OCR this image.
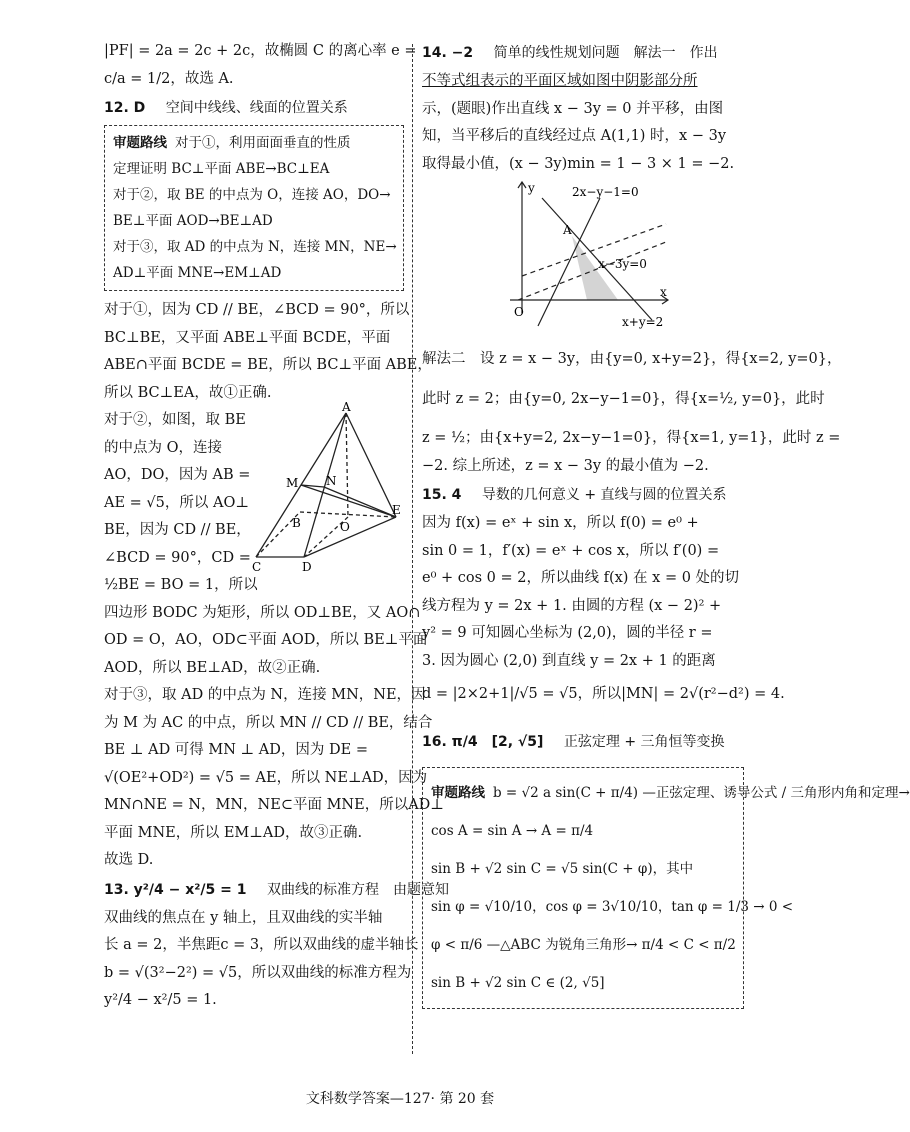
|PF| = 2a = 2c + 2c，故椭圆 C 的离心率 e =
c/a = 1/2，故选 A.
12. D 空间中线线、线面的位置关系
审题路线 对于①，利用面面垂直的性质
定理证明 BC⊥平面 ABE→BC⊥EA
对于②，取 BE 的中点为 O，连接 AO，DO→
BE⊥平面 AOD→BE⊥AD
对于③，取 AD 的中点为 N，连接 MN，NE→
AD⊥平面 MNE→EM⊥AD
对于①，因为 CD // BE，∠BCD = 90°，所以
BC⊥BE，又平面 ABE⊥平面 BCDE，平面
ABE∩平面 BCDE = BE，所以 BC⊥平面 ABE，
所以 BC⊥EA，故①正确.
对于②，如图，取 BE
的中点为 O，连接
AO，DO，因为 AB =
AE = √5，所以 AO⊥
BE，因为 CD // BE，
∠BCD = 90°，CD =
½BE = BO = 1，所以
A
M N
B	O
E
C	D
四边形 BODC 为矩形，所以 OD⊥BE，又 AO∩
OD = O，AO，OD⊂平面 AOD，所以 BE⊥平面
AOD，所以 BE⊥AD，故②正确.
对于③，取 AD 的中点为 N，连接 MN，NE，因
为 M 为 AC 的中点，所以 MN // CD // BE，结合
BE ⊥ AD 可得 MN ⊥ AD，因为 DE =
√(OE²+OD²) = √5 = AE，所以 NE⊥AD，因为
MN∩NE = N，MN，NE⊂平面 MNE，所以AD⊥
平面 MNE，所以 EM⊥AD，故③正确.
故选 D.
13. y²/4 − x²/5 = 1 双曲线的标准方程　由题意知
双曲线的焦点在 y 轴上，且双曲线的实半轴
长 a = 2，半焦距c = 3，所以双曲线的虚半轴长
b = √(3²−2²) = √5，所以双曲线的标准方程为
y²/4 − x²/5 = 1.
14. −2 简单的线性规划问题　解法一　作出
不等式组表示的平面区域如图中阴影部分所
示，(题眼)作出直线 x − 3y = 0 并平移，由图
知，当平移后的直线经过点 A(1,1) 时，x − 3y
取得最小值，(x − 3y)min = 1 − 3 × 1 = −2.
y
x
O
A
2x−y−1=0
x−3y=0
x+y=2
解法二　设 z = x − 3y，由{y=0, x+y=2}，得{x=2, y=0}，
此时 z = 2；由{y=0, 2x−y−1=0}，得{x=½, y=0}，此时
z = ½；由{x+y=2, 2x−y−1=0}，得{x=1, y=1}，此时 z =
−2. 综上所述，z = x − 3y 的最小值为 −2.
15. 4 导数的几何意义 + 直线与圆的位置关系
因为 f(x) = eˣ + sin x，所以 f(0) = e⁰ +
sin 0 = 1，f′(x) = eˣ + cos x，所以 f′(0) =
e⁰ + cos 0 = 2，所以曲线 f(x) 在 x = 0 处的切
线方程为 y = 2x + 1. 由圆的方程 (x − 2)² +
y² = 9 可知圆心坐标为 (2,0)，圆的半径 r =
3. 因为圆心 (2,0) 到直线 y = 2x + 1 的距离
d = |2×2+1|/√5 = √5，所以|MN| = 2√(r²−d²) = 4.
16. π/4　[2, √5] 正弦定理 + 三角恒等变换
审题路线 b = √2 a sin(C + π/4) —正弦定理、诱导公式 / 三角形内角和定理→
cos A = sin A → A = π/4
sin B + √2 sin C = √5 sin(C + φ)，其中
sin φ = √10/10，cos φ = 3√10/10，tan φ = 1/3 → 0 <
φ < π/6 —△ABC 为锐角三角形→ π/4 < C < π/2
sin B + √2 sin C ∈ (2, √5]
文科数学答案—127· 第 20 套
